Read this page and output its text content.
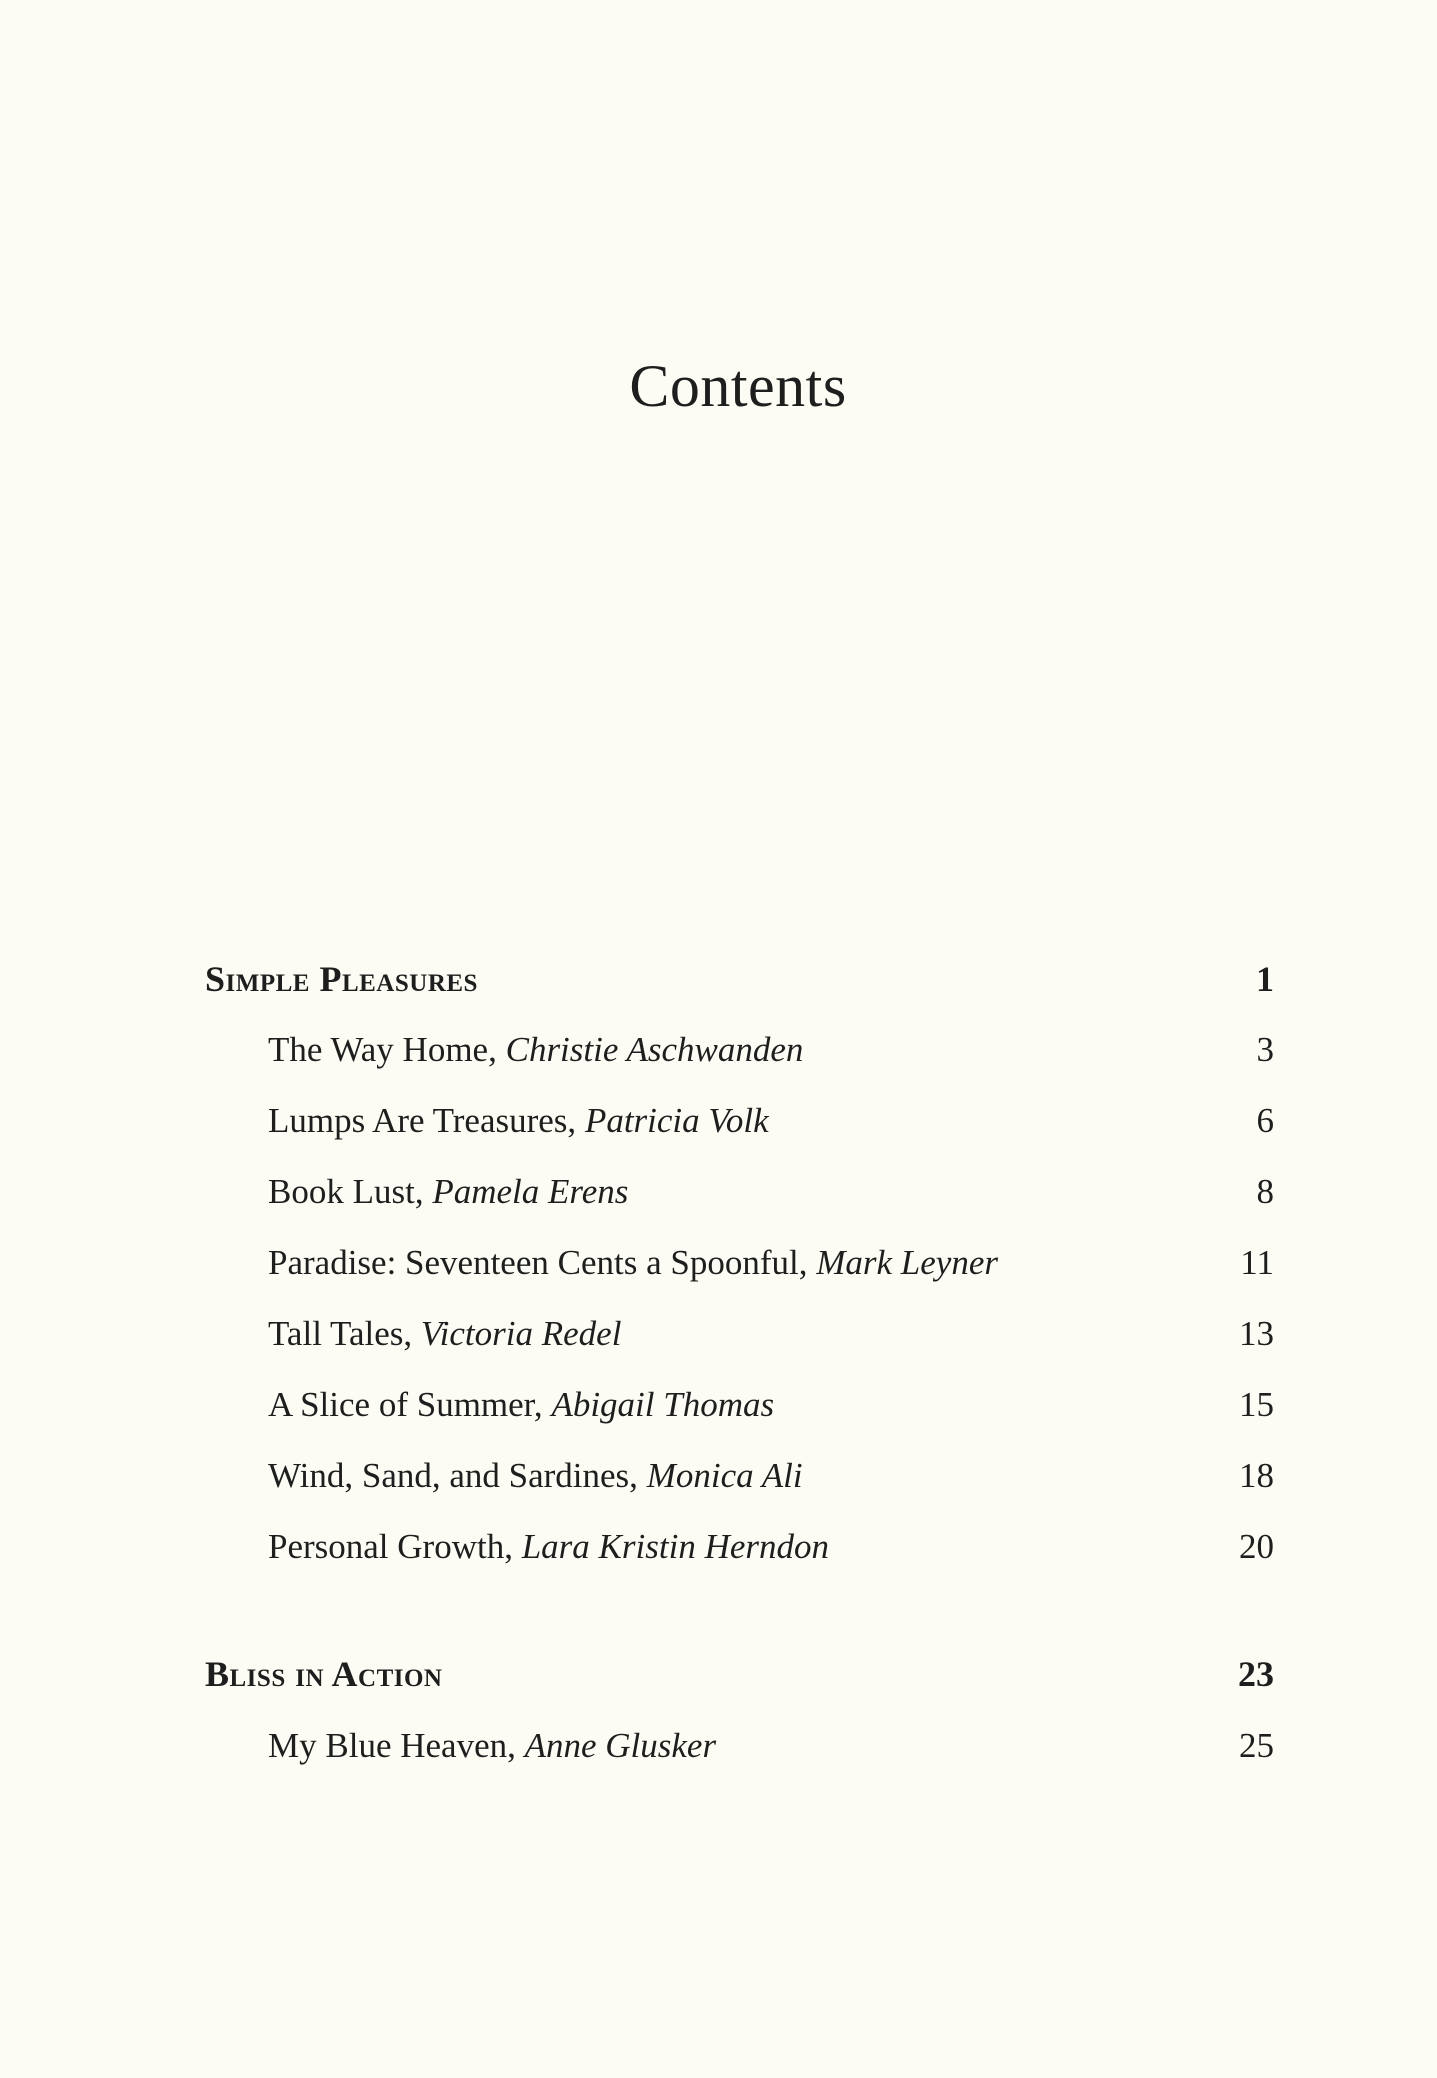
Contents
Simple Pleasures	1
The Way Home, Christie Aschwanden	3
Lumps Are Treasures, Patricia Volk	6
Book Lust, Pamela Erens	8
Paradise: Seventeen Cents a Spoonful, Mark Leyner	11
Tall Tales, Victoria Redel	13
A Slice of Summer, Abigail Thomas	15
Wind, Sand, and Sardines, Monica Ali	18
Personal Growth, Lara Kristin Herndon	20
Bliss in Action	23
My Blue Heaven, Anne Glusker	25
